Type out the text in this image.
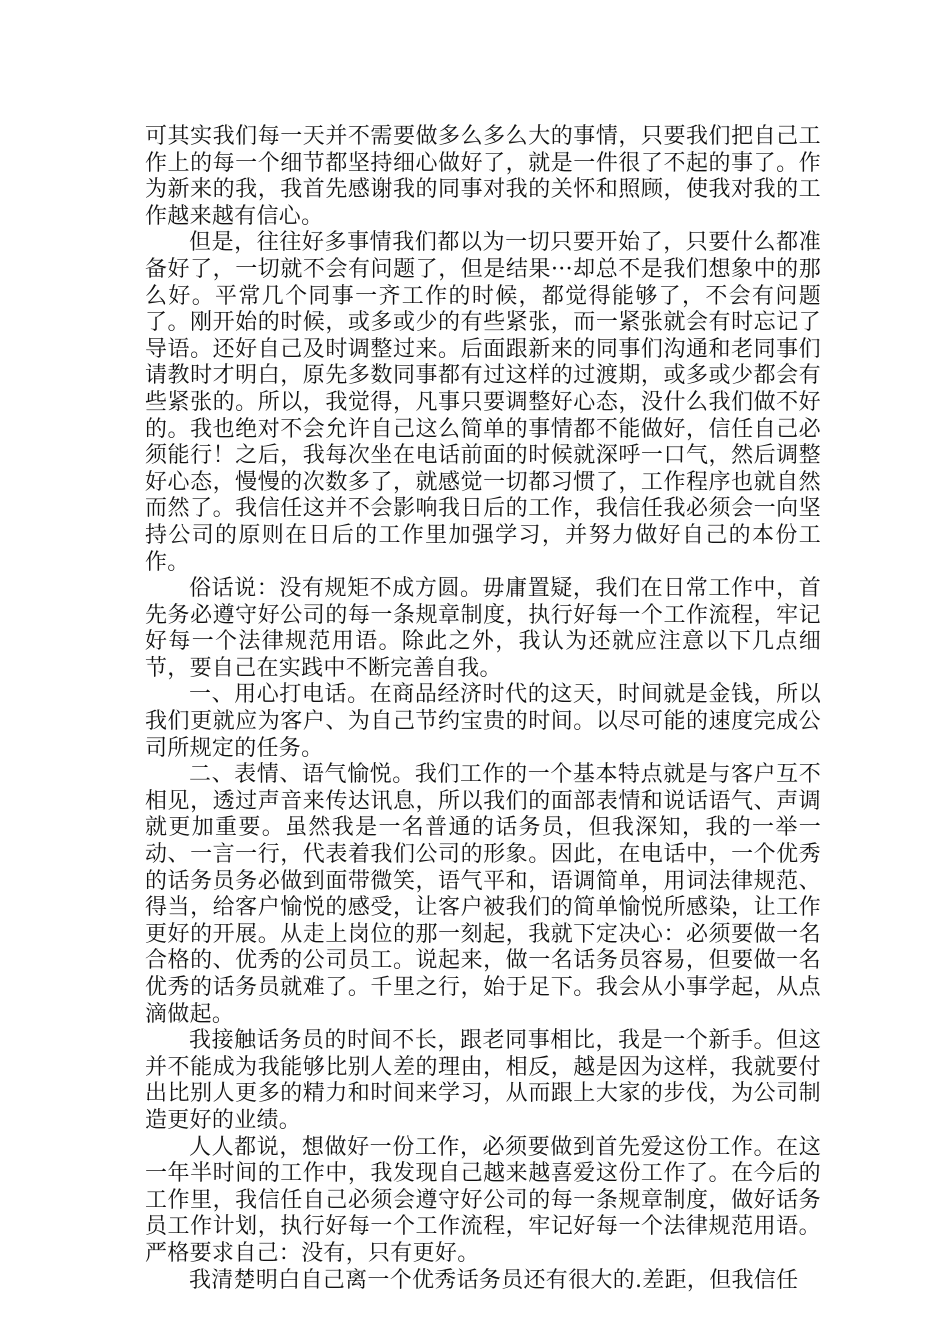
可其实我们每一天并不需要做多么多么大的事情，只要我们把自己工作上的每一个细节都坚持细心做好了，就是一件很了不起的事了。作为新来的我，我首先感谢我的同事对我的关怀和照顾，使我对我的工作越来越有信心。

但是，往往好多事情我们都以为一切只要开始了，只要什么都准备好了，一切就不会有问题了，但是结果···却总不是我们想象中的那么好。平常几个同事一齐工作的时候，都觉得能够了，不会有问题了。刚开始的时候，或多或少的有些紧张，而一紧张就会有时忘记了导语。还好自己及时调整过来。后面跟新来的同事们沟通和老同事们请教时才明白，原先多数同事都有过这样的过渡期，或多或少都会有些紧张的。所以，我觉得，凡事只要调整好心态，没什么我们做不好的。我也绝对不会允许自己这么简单的事情都不能做好，信任自己必须能行！之后，我每次坐在电话前面的时候就深呼一口气，然后调整好心态，慢慢的次数多了，就感觉一切都习惯了，工作程序也就自然而然了。我信任这并不会影响我日后的工作，我信任我必须会一向坚持公司的原则在日后的工作里加强学习，并努力做好自己的本份工作。

俗话说：没有规矩不成方圆。毋庸置疑，我们在日常工作中，首先务必遵守好公司的每一条规章制度，执行好每一个工作流程，牢记好每一个法律规范用语。除此之外，我认为还就应注意以下几点细节，要自己在实践中不断完善自我。

一、用心打电话。在商品经济时代的这天，时间就是金钱，所以我们更就应为客户、为自己节约宝贵的时间。以尽可能的速度完成公司所规定的任务。

二、表情、语气愉悦。我们工作的一个基本特点就是与客户互不相见，透过声音来传达讯息，所以我们的面部表情和说话语气、声调就更加重要。虽然我是一名普通的话务员，但我深知，我的一举一动、一言一行，代表着我们公司的形象。因此，在电话中，一个优秀的话务员务必做到面带微笑，语气平和，语调简单，用词法律规范、得当，给客户愉悦的感受，让客户被我们的简单愉悦所感染，让工作更好的开展。从走上岗位的那一刻起，我就下定决心：必须要做一名合格的、优秀的公司员工。说起来，做一名话务员容易，但要做一名优秀的话务员就难了。千里之行，始于足下。我会从小事学起，从点滴做起。

我接触话务员的时间不长，跟老同事相比，我是一个新手。但这并不能成为我能够比别人差的理由，相反，越是因为这样，我就要付出比别人更多的精力和时间来学习，从而跟上大家的步伐，为公司制造更好的业绩。

人人都说，想做好一份工作，必须要做到首先爱这份工作。在这一年半时间的工作中，我发现自己越来越喜爱这份工作了。在今后的工作里，我信任自己必须会遵守好公司的每一条规章制度，做好话务员工作计划，执行好每一个工作流程，牢记好每一个法律规范用语。严格要求自己：没有，只有更好。

我清楚明白自己离一个优秀话务员还有很大的.差距，但我信任
